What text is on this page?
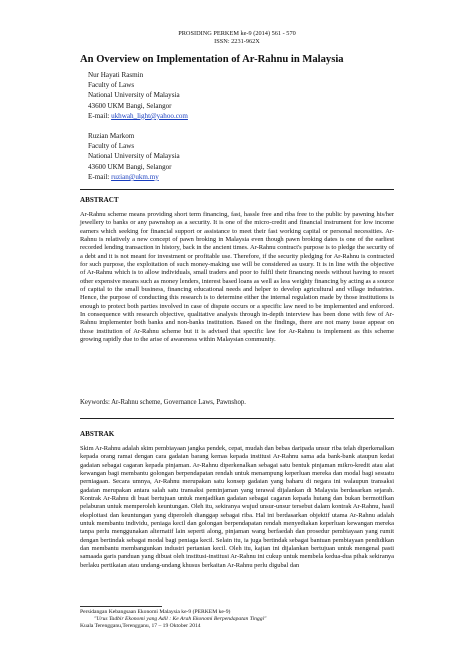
PROSIDING PERKEM ke-9 (2014) 561 - 570
ISSN: 2231-962X
An Overview on Implementation of Ar-Rahnu in Malaysia
Nur Hayati Rasmin
Faculty of Laws
National University of Malaysia
43600 UKM Bangi, Selangor
E-mail: ukhwah_light@yahoo.com
Ruzian Markom
Faculty of Laws
National University of Malaysia
43600 UKM Bangi, Selangor
E-mail: ruzian@ukm.my
ABSTRACT
Ar-Rahnu scheme means providing short term financing, fast, hassle free and riba free to the public by pawning his/her jewellery to banks or any pawnshop as a security. It is one of the micro-credit and financial instrument for low income earners which seeking for financial support or assistance to meet their fast working capital or personal necessities. Ar-Rahnu is relatively a new concept of pawn broking in Malaysia even though pawn broking dates is one of the earliest recorded lending transaction in history, back in the ancient times. Ar-Rahnu contract's purpose is to pledge the security of a debt and it is not meant for investment or profitable use. Therefore, if the security pledging for Ar-Rahnu is contracted for such purpose, the exploitation of such money-making use will be considered as usury. It is in line with the objective of Ar-Rahnu which is to allow individuals, small traders and poor to fulfil their financing needs without having to resort other expensive means such as money lenders, interest based loans as well as less weighty financing by acting as a source of capital to the small business, financing educational needs and helper to develop agricultural and village industries. Hence, the purpose of conducting this research is to determine either the internal regulation made by those institutions is enough to protect both parties involved in case of dispute occurs or a specific law need to be implemented and enforced. In consequence with research objective, qualitative analysis through in-depth interview has been done with few of Ar-Rahnu implementer both banks and non-banks institution. Based on the findings, there are not many issue appear on those institution of Ar-Rahnu scheme but it is advised that specific law for Ar-Rahnu is implement as this scheme growing rapidly due to the arise of awareness within Malaysian community.
Keywords: Ar-Rahnu scheme, Governance Laws, Pawnshop.
ABSTRAK
Skim Ar-Rahnu adalah skim pembiayaan jangka pendek, cepat, mudah dan bebas daripada unsur riba telah diperkenalkan kepada orang ramai dengan cara gadaian barang kemas kepada institusi Ar-Rahnu sama ada bank-bank ataupun kedai gadaian sebagai cagaran kepada pinjaman. Ar-Rahnu diperkenalkan sebagai satu bentuk pinjaman mikro-kredit atau alat kewangan bagi membantu golongan berpendapatan rendah untuk menampung keperluan mereka dan modal bagi sesuatu perniagaan. Secara umnya, Ar-Rahnu merupakan satu konsep gadaian yang baharu di negara ini walaupun transaksi gadaian merupakan antara salah satu transaksi peminjaman yang terawal dijalankan di Malaysia berdasarkan sejarah. Kontrak Ar-Rahnu di buat bertujuan untuk menjadikan gadaian sebagai cagaran kepada hutang dan bukan bermotifkan pelaburan untuk memperoleh keuntungan. Oleh itu, sekiranya wujud unsur-unsur tersebut dalam kontrak Ar-Rahnu, hasil eksploitasi dan keuntungan yang diperoleh dianggap sebagai riba. Hal ini berdasarkan objektif utama Ar-Rahnu adalah untuk membantu individu, peniaga kecil dan golongan berpendapatan rendah menyediakan keperluan kewangan mereka tanpa perlu menggunakan alternatif lain seperti along, pinjaman wang berfaedah dan prosedur pembiayaan yang rumit dengan bertindak sebagai modal bagi peniaga kecil. Selain itu, ia juga bertindak sebagai bantuan pembiayaan pendidikan dan membantu membangunkan industri pertanian kecil. Oleh itu, kajian ini dijalankan bertujuan untuk mengenal pasti samaada garis panduan yang dibuat oleh institusi-institusi Ar-Rahnu ini cukup untuk membela kedua-dua pihak sekiranya berlaku pertikaian atau undang-undang khusus berkaitan Ar-Rahnu perlu digubal dan
Persidangan Kebangsaan Ekonomi Malaysia ke-9 (PERKEM ke-9)
"Urus Tadbir Ekonomi yang Adil : Ke Arah Ekonomi Berpendapatan Tinggi"
Kuala Terengganu,Terengganu, 17 – 19 Oktober 2014
